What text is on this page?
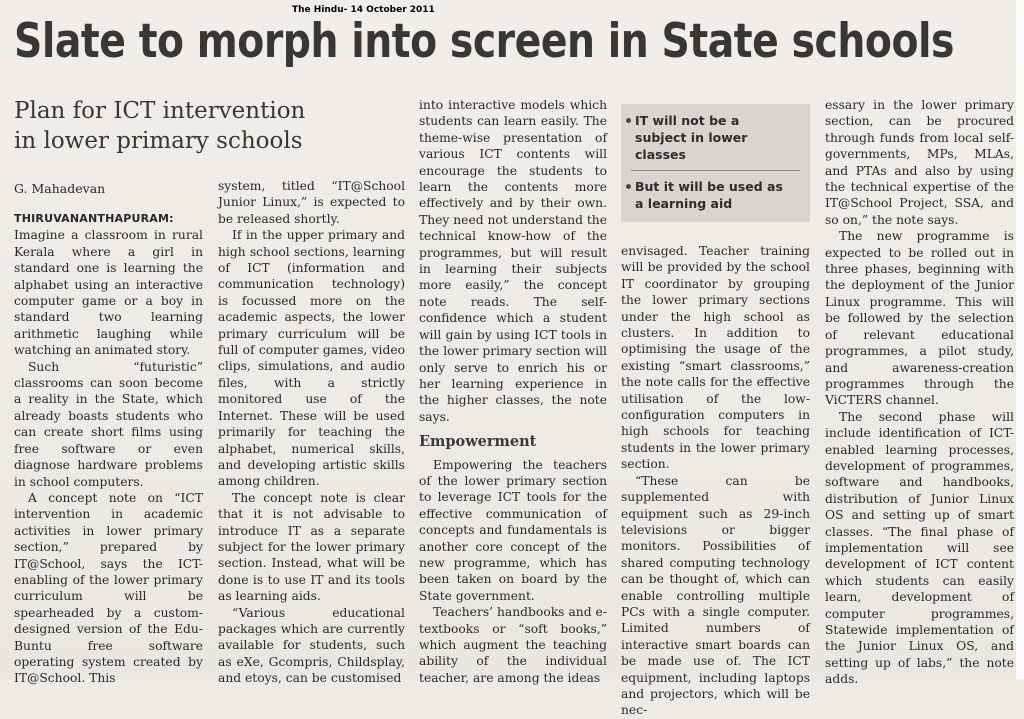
The Hindu- 14 October 2011
Slate to morph into screen in State schools
Plan for ICT intervention
in lower primary schools
G. Mahadevan

THIRUVANANTHAPURAM: Imagine a classroom in rural Kerala where a girl in standard one is learning the alphabet using an interactive computer game or a boy in standard two learning arithmetic laughing while watching an animated story.

Such “futuristic” classrooms can soon become a reality in the State, which already boasts students who can create short films using free software or even diagnose hardware problems in school computers.

A concept note on “ICT intervention in academic activities in lower primary section,” prepared by IT@School, says the ICT-enabling of the lower primary curriculum will be spearheaded by a custom-designed version of the Edu-Buntu free software operating system created by IT@School. This

system, titled “IT@School Junior Linux,” is expected to be released shortly.

If in the upper primary and high school sections, learning of ICT (information and communication technology) is focussed more on the academic aspects, the lower primary curriculum will be full of computer games, video clips, simulations, and audio files, with a strictly monitored use of the Internet. These will be used primarily for teaching the alphabet, numerical skills, and developing artistic skills among children.

The concept note is clear that it is not advisable to introduce IT as a separate subject for the lower primary section. Instead, what will be done is to use IT and its tools as learning aids.

“Various educational packages which are currently available for students, such as eXe, Gcompris, Childsplay, and etoys, can be customised

into interactive models which students can learn easily. The theme-wise presentation of various ICT contents will encourage the students to learn the contents more effectively and by their own. They need not understand the technical know-how of the programmes, but will result in learning their subjects more easily,” the concept note reads. The self-confidence which a student will gain by using ICT tools in the lower primary section will only serve to enrich his or her learning experience in the higher classes, the note says.

Empowerment

Empowering the teachers of the lower primary section to leverage ICT tools for the effective communication of concepts and fundamentals is another core concept of the new programme, which has been taken on board by the State government.

Teachers’ handbooks and e-textbooks or “soft books,” which augment the teaching ability of the individual teacher, are among the ideas

IT will not be a subject in lower classes
But it will be used as a learning aid

envisaged. Teacher training will be provided by the school IT coordinator by grouping the lower primary sections under the high school as clusters. In addition to optimising the usage of the existing “smart classrooms,” the note calls for the effective utilisation of the low-configuration computers in high schools for teaching students in the lower primary section.

“These can be supplemented with equipment such as 29-inch televisions or bigger monitors. Possibilities of shared computing technology can be thought of, which can enable controlling multiple PCs with a single computer. Limited numbers of interactive smart boards can be made use of. The ICT equipment, including laptops and projectors, which will be nec-

essary in the lower primary section, can be procured through funds from local self-governments, MPs, MLAs, and PTAs and also by using the technical expertise of the IT@School Project, SSA, and so on,” the note says.

The new programme is expected to be rolled out in three phases, beginning with the deployment of the Junior Linux programme. This will be followed by the selection of relevant educational programmes, a pilot study, and awareness-creation programmes through the ViCTERS channel.

The second phase will include identification of ICT-enabled learning processes, development of programmes, software and handbooks, distribution of Junior Linux OS and setting up of smart classes. “The final phase of implementation will see development of ICT content which students can easily learn, development of computer programmes, Statewide implementation of the Junior Linux OS, and setting up of labs,” the note adds.
